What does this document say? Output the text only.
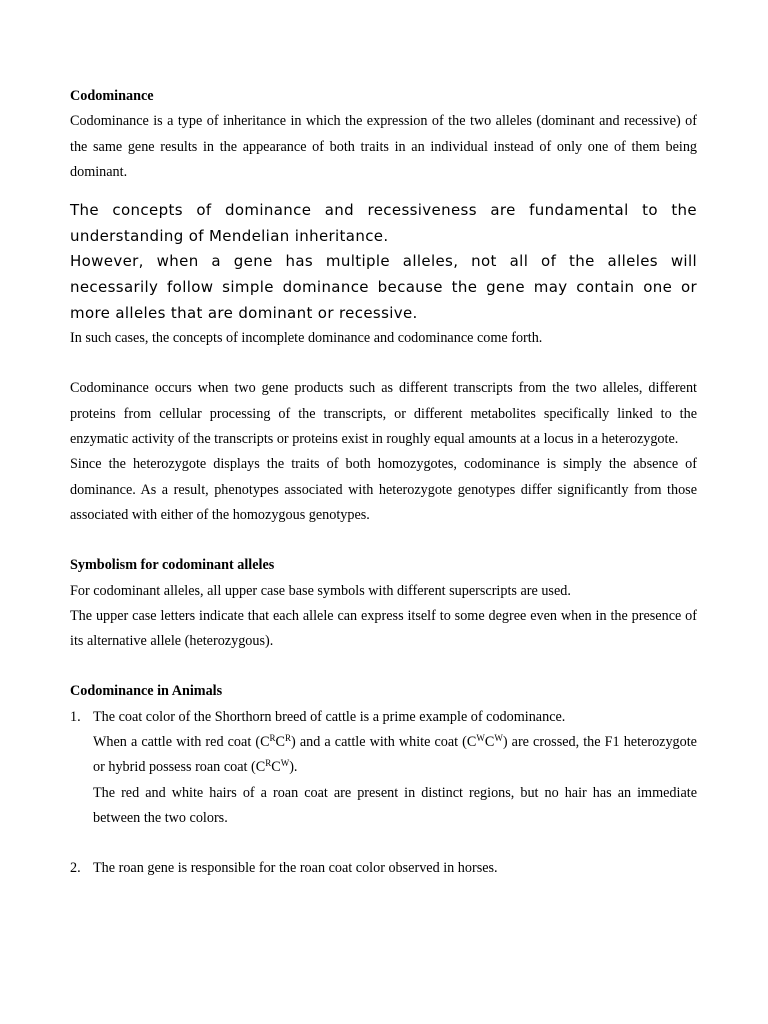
Codominance

Codominance is a type of inheritance in which the expression of the two alleles (dominant and recessive) of the same gene results in the appearance of both traits in an individual instead of only one of them being dominant.

The concepts of dominance and recessiveness are fundamental to the understanding of Mendelian inheritance.

However, when a gene has multiple alleles, not all of the alleles will necessarily follow simple dominance because the gene may contain one or more alleles that are dominant or recessive.

In such cases, the concepts of incomplete dominance and codominance come forth.

Codominance occurs when two gene products such as different transcripts from the two alleles, different proteins from cellular processing of the transcripts, or different metabolites specifically linked to the enzymatic activity of the transcripts or proteins exist in roughly equal amounts at a locus in a heterozygote.

Since the heterozygote displays the traits of both homozygotes, codominance is simply the absence of dominance. As a result, phenotypes associated with heterozygote genotypes differ significantly from those associated with either of the homozygous genotypes.

Symbolism for codominant alleles

For codominant alleles, all upper case base symbols with different superscripts are used.

The upper case letters indicate that each allele can express itself to some degree even when in the presence of its alternative allele (heterozygous).

Codominance in Animals

1. The coat color of the Shorthorn breed of cattle is a prime example of codominance.

When a cattle with red coat $(C^RC^R)$ and a cattle with white coat $(C^WC^W)$ are crossed, the F1 heterozygote or hybrid possess roan coat $(C^RC^W)$.

The red and white hairs of a roan coat are present in distinct regions, but no hair has an immediate between the two colors.

2. The roan gene is responsible for the roan coat color observed in horses.
